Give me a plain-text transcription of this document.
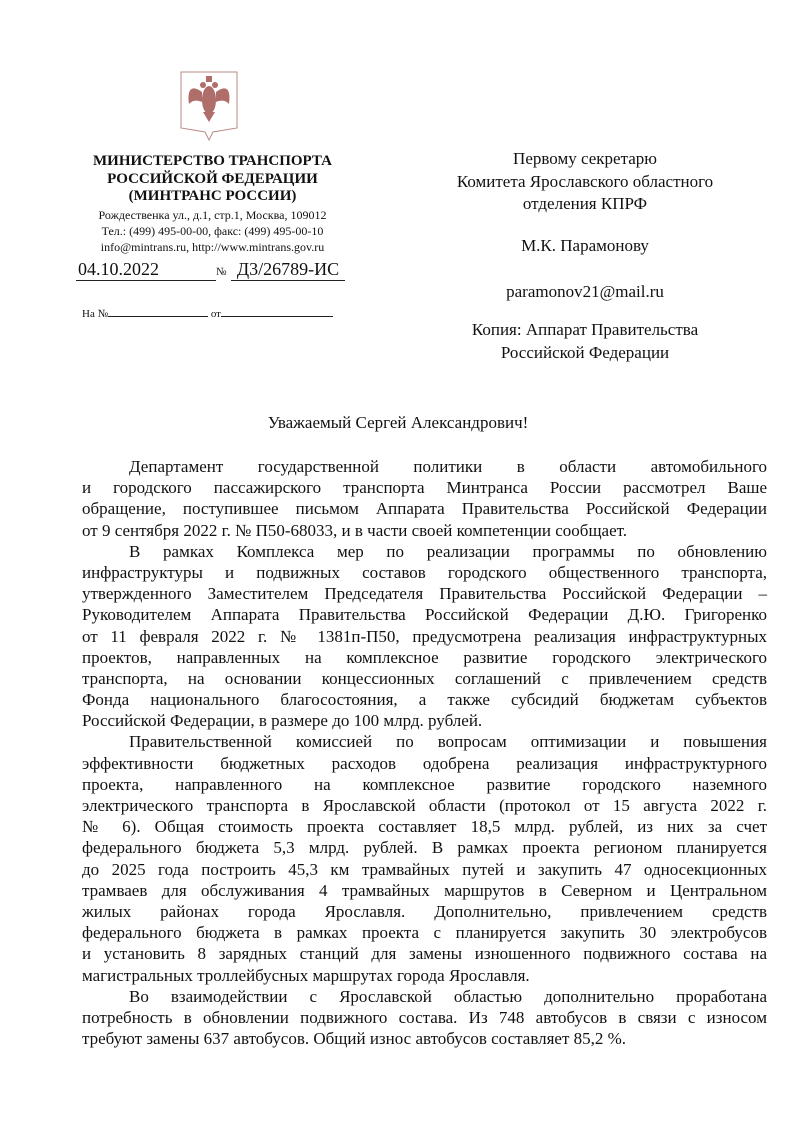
МИНИСТЕРСТВО ТРАНСПОРТА
РОССИЙСКОЙ ФЕДЕРАЦИИ
(МИНТРАНС РОССИИ)
Рождественка ул., д.1, стр.1, Москва, 109012
Тел.: (499) 495-00-00, факс: (499) 495-00-10
info@mintrans.ru, http://www.mintrans.gov.ru
04.10.2022	№ Д3/26789-ИС
На №	от
Первому секретарю
Комитета Ярославского областного
отделения КПРФ
М.К. Парамонову
paramonov21@mail.ru
Копия: Аппарат Правительства
Российской Федерации
Уважаемый Сергей Александрович!
Департамент государственной политики в области автомобильного
и городского пассажирского транспорта Минтранса России рассмотрел Ваше
обращение, поступившее письмом Аппарата Правительства Российской Федерации
от 9 сентября 2022 г. № П50-68033, и в части своей компетенции сообщает.
В рамках Комплекса мер по реализации программы по обновлению
инфраструктуры и подвижных составов городского общественного транспорта,
утвержденного Заместителем Председателя Правительства Российской Федерации –
Руководителем Аппарата Правительства Российской Федерации Д.Ю. Григоренко
от 11 февраля 2022 г. № 1381п-П50, предусмотрена реализация инфраструктурных
проектов, направленных на комплексное развитие городского электрического
транспорта, на основании концессионных соглашений с привлечением средств
Фонда национального благосостояния, а также субсидий бюджетам субъектов
Российской Федерации, в размере до 100 млрд. рублей.
Правительственной комиссией по вопросам оптимизации и повышения
эффективности бюджетных расходов одобрена реализация инфраструктурного
проекта, направленного на комплексное развитие городского наземного
электрического транспорта в Ярославской области (протокол от 15 августа 2022 г.
№ 6). Общая стоимость проекта составляет 18,5 млрд. рублей, из них за счет
федерального бюджета 5,3 млрд. рублей. В рамках проекта регионом планируется
до 2025 года построить 45,3 км трамвайных путей и закупить 47 односекционных
трамваев для обслуживания 4 трамвайных маршрутов в Северном и Центральном
жилых районах города Ярославля. Дополнительно, привлечением средств
федерального бюджета в рамках проекта с планируется закупить 30 электробусов
и установить 8 зарядных станций для замены изношенного подвижного состава на
магистральных троллейбусных маршрутах города Ярославля.
Во взаимодействии с Ярославской областью дополнительно проработана
потребность в обновлении подвижного состава. Из 748 автобусов в связи с износом
требуют замены 637 автобусов. Общий износ автобусов составляет 85,2 %.
